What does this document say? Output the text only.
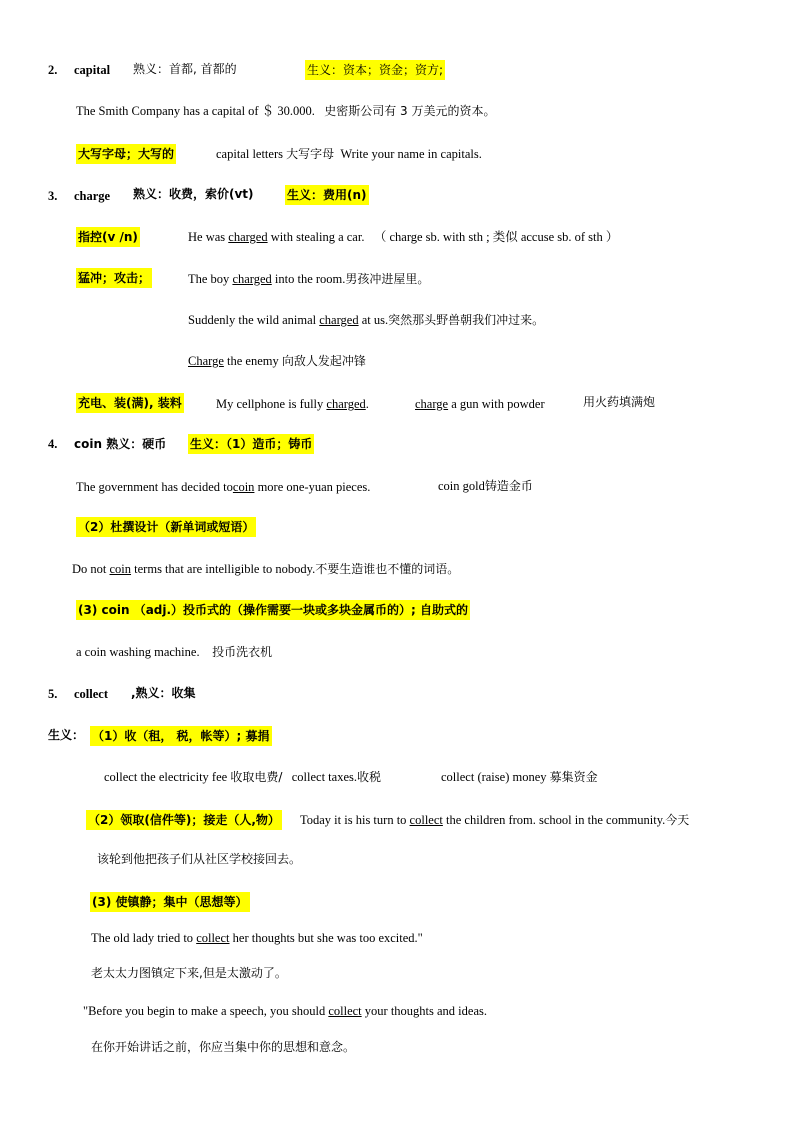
2. capital 熟义：首都, 首都的	生义：资本；资金；资方;
The Smith Company has a capital of ＄ 30.000. 史密斯公司有 3 万美元的资本。
大写字母；大写的	capital letters 大写字母 Write your name in capitals.
3. charge 熟义：收费，索价(vt)	生义：费用(n)
指控(v /n)	He was charged with stealing a car. （ charge sb. with sth ; 类似 accuse sb. of sth ）
猛冲；攻击；	The boy charged into the room.男孩冲进屋里。
Suddenly the wild animal charged at us.突然那头野兽朝我们冲过来。
Charge the enemy 向敌人发起冲锋
充电、装(满), 装料	My cellphone is fully charged.	charge a gun with powder	用火药填满炮
4. coin 熟义：硬币 生义：（1）造币；铸币
The government has decided tocoin more one-yuan pieces.	coin gold铸造金币
（2）杜撰设计（新单词或短语）
Do not coin terms that are intelligible to nobody.不要生造谁也不懂的词语。
(3) coin （adj.）投币式的（操作需要一块或多块金属币的）; 自助式的
a coin washing machine. 投币洗衣机
5. collect ,熟义：收集
生义： （1）收（租， 税，帐等）; 募捐
collect the electricity fee 收取电费/ collect taxes.收税	collect (raise) money 募集资金
（2）领取(信件等)；接走（人,物） Today it is his turn to collect the children from. school in the community.今天
该轮到他把孩子们从社区学校接回去。
(3) 使镇静；集中（思想等）
The old lady tried to collect her thoughts but she was too excited."
老太太力图镇定下来,但是太激动了。
"Before you begin to make a speech, you should collect your thoughts and ideas.
在你开始讲话之前，你应当集中你的思想和意念。
